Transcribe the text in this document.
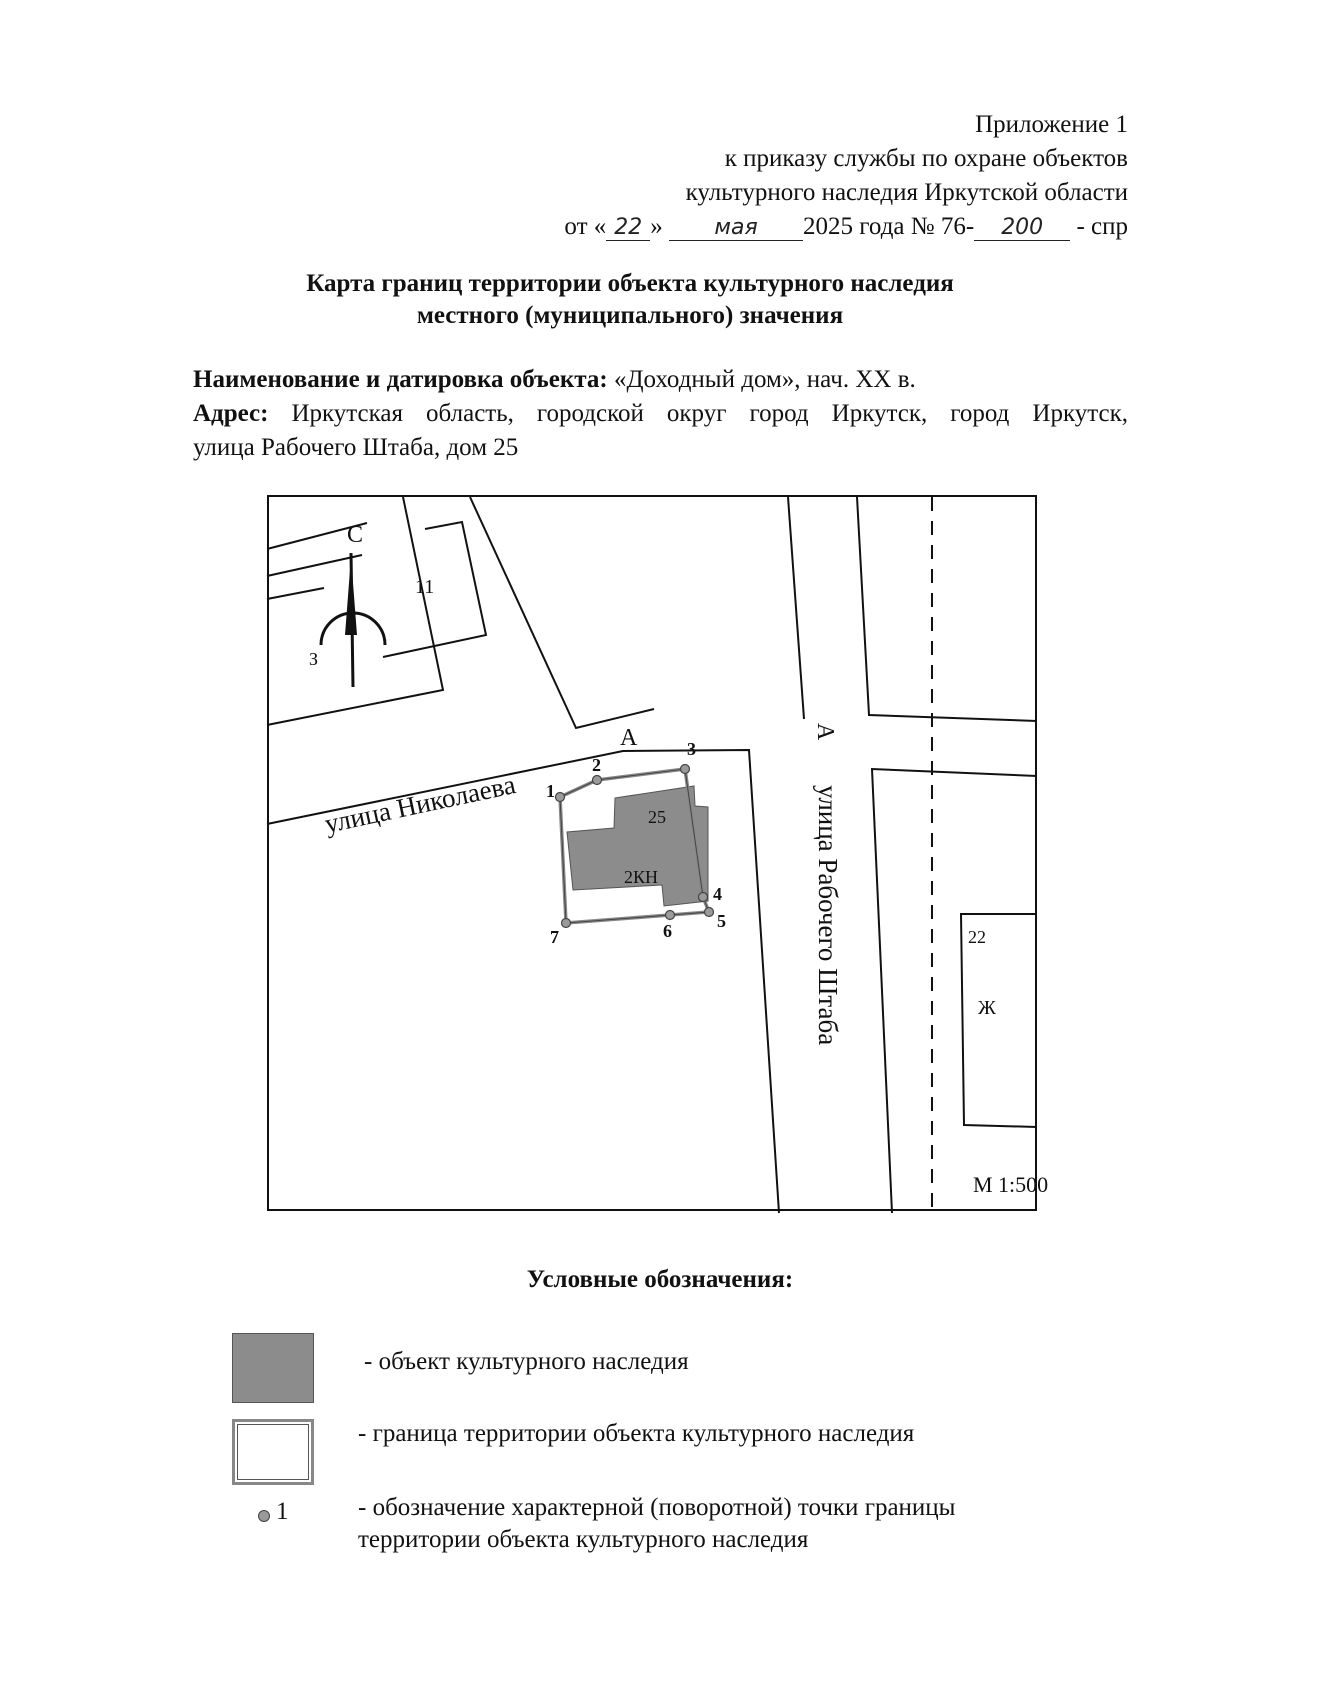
Приложение 1
к приказу службы по охране объектов
культурного наследия Иркутской области
от « 22 » мая 2025 года № 76- 200 - спр
Карта границ территории объекта культурного наследия
местного (муниципального) значения

Наименование и датировка объекта: «Доходный дом», нач. XX в.

Адрес: Иркутская область, городской округ город Иркутск, город Иркутск,

улица Рабочего Штаба, дом 25

С
З
11
А	А
улица Николаева	улица Рабочего Штаба
25
2КН
1
2
3
4
5
6
7	22
Ж
М 1:500
Условные обозначения:
- объект культурного наследия
- граница территории объекта культурного наследия
1	- обозначение характерной (поворотной) точки границы
территории объекта культурного наследия
